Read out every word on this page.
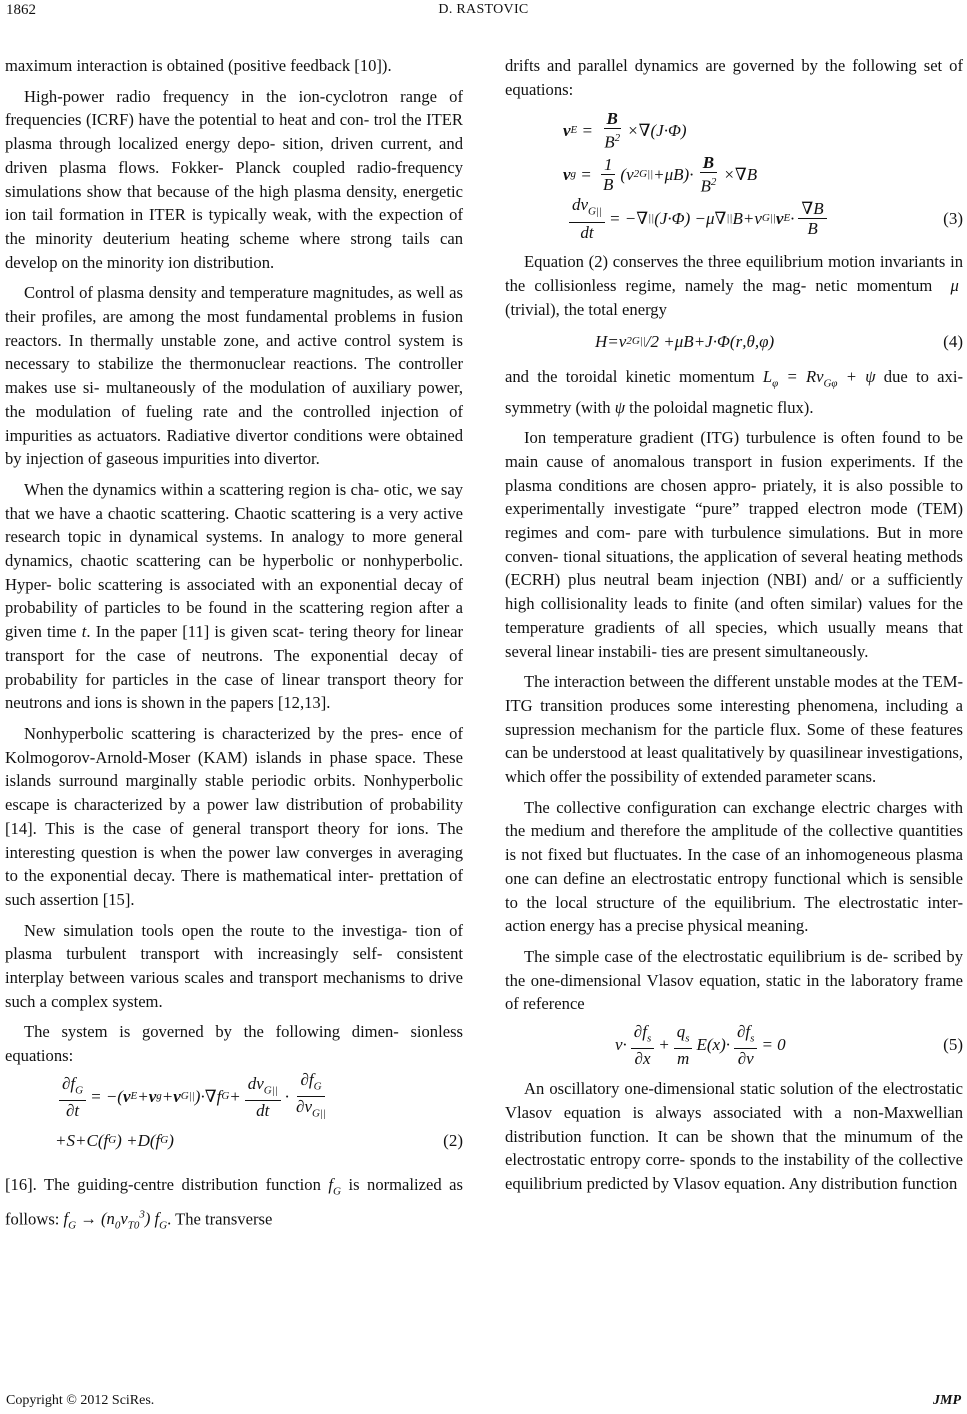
1862	D. RASTOVIC

maximum interaction is obtained (positive feedback [10]).

High-power radio frequency in the ion-cyclotron range of frequencies (ICRF) have the potential to heat and con- trol the ITER plasma through localized energy depo- sition, driven current, and driven plasma flows. Fokker- Planck coupled radio-frequency simulations show that because of the high plasma density, energetic ion tail formation in ITER is typically weak, with the expection of the minority deuterium heating scheme where strong tails can develop on the minority ion distribution.

Control of plasma density and temperature magnitudes, as well as their profiles, are among the most fundamental problems in fusion reactors. In thermally unstable zone, and active control system is necessary to stabilize the thermonuclear reactions. The controller makes use si- multaneously of the modulation of auxiliary power, the modulation of fueling rate and the controlled injection of impurities as actuators. Radiative divertor conditions were obtained by injection of gaseous impurities into divertor.

When the dynamics within a scattering region is cha- otic, we say that we have a chaotic scattering. Chaotic scattering is a very active research topic in dynamical systems. In analogy to more general dynamics, chaotic scattering can be hyperbolic or nonhyperbolic. Hyper- bolic scattering is associated with an exponential decay of probability of particles to be found in the scattering region after a given time t. In the paper [11] is given scat- tering theory for linear transport for the case of neutrons. The exponential decay of probability for particles in the case of linear transport theory for neutrons and ions is shown in the papers [12,13].

Nonhyperbolic scattering is characterized by the pres- ence of Kolmogorov-Arnold-Moser (KAM) islands in phase space. These islands surround marginally stable periodic orbits. Nonhyperbolic escape is characterized by a power law distribution of probability [14]. This is the case of general transport theory for ions. The interesting question is when the power law converges in averaging to the exponential decay. There is mathematical inter- prettation of such assertion [15].

New simulation tools open the route to the investiga- tion of plasma turbulent transport with increasingly self- consistent interplay between various scales and transport mechanisms to drive such a complex system.

The system is governed by the following dimen- sionless equations:

$\frac{\partial f_G}{\partial t}$ = −( v E + v g + v G|| )·∇ f $G + \frac{dv_{G||}}{dt} \cdot \frac{\partial f_G}{\partial v_{G||}}$
+ S + C ( f G ) + D ( f G )	(2)

[16]. The guiding-centre distribution function $f_G$ is normalized as follows: $f_G \to (n_0v_{T0}^3)$ $f_G$. The transverse

drifts and parallel dynamics are governed by the following set of equations:

v $E = \frac{B}{B^2}$ ×∇( J ·Φ)
v $g = \frac{1}{B}$ ( v 2 G|| + μB )· $\frac{B}{B^2}$ ×∇ B
$\frac{dv_{G||}}{dt}$ = −∇ || ( J ·Φ) − μ ∇ || B + v G|| v $E \cdot \frac{\nabla B}{B}$	(3)

Equation (2) conserves the three equilibrium motion invariants in the collisionless regime, namely the mag- netic momentum  μ  (trivial), the total energy

H = v 2 G|| /2 + μB + J ·Φ( r , θ , φ )	(4)

and the toroidal kinetic momentum $L_\varphi = Rv_{G\varphi} + \psi$ due to axi-symmetry (with ψ the poloidal magnetic flux).

Ion temperature gradient (ITG) turbulence is often found to be main cause of anomalous transport in fusion experiments. If the plasma conditions are chosen appro- priately, it is also possible to experimentally investigate “pure” trapped electron mode (TEM) regimes and com- pare with turbulence simulations. But in more conven- tional situations, the application of several heating methods (ECRH) plus neutral beam injection (NBI) and/ or a sufficiently high collisionality leads to finite (and often similar) values for the temperature gradients of all species, which usually means that several linear instabili- ties are present simultaneously.

The interaction between the different unstable modes at the TEM-ITG transition produces some interesting phenomena, including a supression mechanism for the particle flux. Some of these features can be understood at least qualitatively by quasilinear investigations, which offer the possibility of extended parameter scans.

The collective configuration can exchange electric charges with the medium and therefore the amplitude of the collective quantities is not fixed but fluctuates. In the case of an inhomogeneous plasma one can define an electrostatic entropy functional which is sensible to the local structure of the equilibrium. The electrostatic inter- action energy has a precise physical meaning.

The simple case of the electrostatic equilibrium is de- scribed by the one-dimensional Vlasov equation, static in the laboratory frame of reference

$v \cdot \frac{\partial f_s}{\partial x} + \frac{q_s}{m}$ E ( x )· $\frac{\partial f_s}{\partial v} = 0$	(5)

An oscillatory one-dimensional static solution of the electrostatic Vlasov equation is always associated with a non-Maxwellian distribution function. It can be shown that the minumum of the electrostatic entropy corre- sponds to the instability of the collective equilibrium predicted by Vlasov equation. Any distribution function

Copyright © 2012 SciRes.	JMP
